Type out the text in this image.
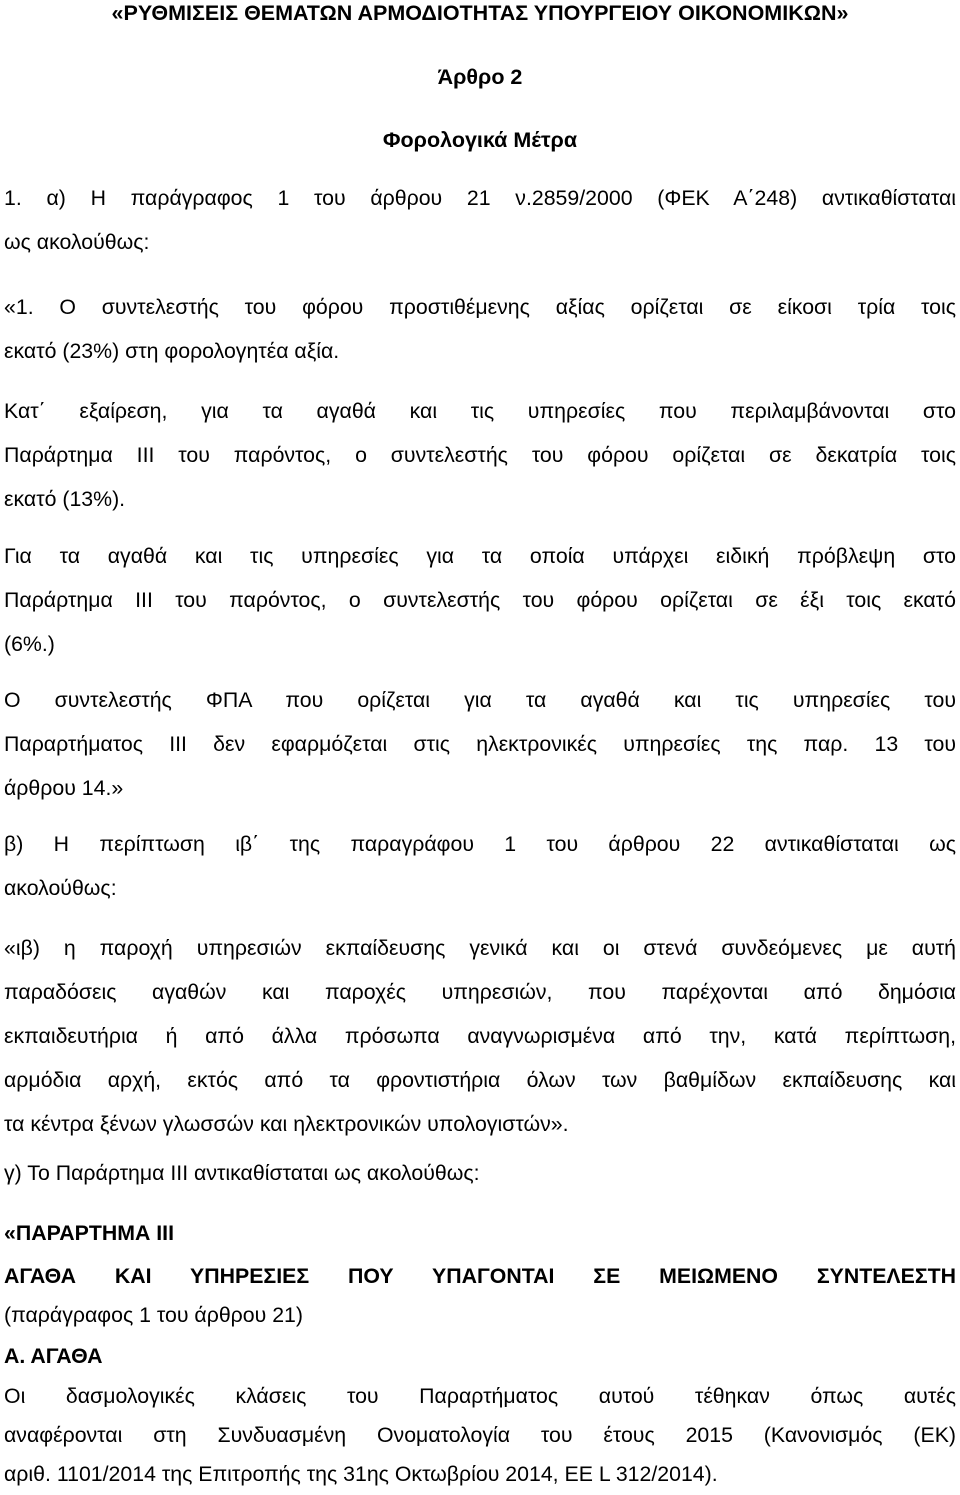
«ΡΥΘΜΙΣΕΙΣ ΘΕΜΑΤΩΝ ΑΡΜΟΔΙΟΤΗΤΑΣ ΥΠΟΥΡΓΕΙΟΥ ΟΙΚΟΝΟΜΙΚΩΝ»

Άρθρο 2

Φορολογικά Μέτρα

1. α) Η παράγραφος 1 του άρθρου 21 ν.2859/2000 (ΦΕΚ Α΄248) αντικαθίσταται
ως ακολούθως:
«1. Ο συντελεστής του φόρου προστιθέμενης αξίας ορίζεται σε είκοσι τρία τοις
εκατό (23%) στη φορολογητέα αξία.
Κατ΄ εξαίρεση, για τα αγαθά και τις υπηρεσίες που περιλαμβάνονται στο
Παράρτημα ΙΙΙ του παρόντος, ο συντελεστής του φόρου ορίζεται σε δεκατρία τοις
εκατό (13%).
Για τα αγαθά και τις υπηρεσίες για τα οποία υπάρχει ειδική πρόβλεψη στο
Παράρτημα ΙΙΙ του παρόντος, ο συντελεστής του φόρου ορίζεται σε έξι τοις εκατό
(6%.)
Ο συντελεστής ΦΠΑ που ορίζεται για τα αγαθά και τις υπηρεσίες του
Παραρτήματος ΙΙΙ δεν εφαρμόζεται στις ηλεκτρονικές υπηρεσίες της παρ. 13 του
άρθρου 14.»
β) Η περίπτωση ιβ΄ της παραγράφου 1 του άρθρου 22 αντικαθίσταται ως
ακολούθως:
«ιβ) η παροχή υπηρεσιών εκπαίδευσης γενικά και οι στενά συνδεόμενες με αυτή
παραδόσεις αγαθών και παροχές υπηρεσιών, που παρέχονται από δημόσια
εκπαιδευτήρια ή από άλλα πρόσωπα αναγνωρισμένα από την, κατά περίπτωση,
αρμόδια αρχή, εκτός από τα φροντιστήρια όλων των βαθμίδων εκπαίδευσης και
τα κέντρα ξένων γλωσσών και ηλεκτρονικών υπολογιστών».
γ) Το Παράρτημα ΙΙΙ αντικαθίσταται ως ακολούθως:
«ΠΑΡΑΡΤΗΜΑ ΙΙΙ
ΑΓΑΘΑ ΚΑΙ ΥΠΗΡΕΣΙΕΣ ΠΟΥ ΥΠΑΓΟΝΤΑΙ ΣΕ ΜΕΙΩΜΕΝΟ ΣΥΝΤΕΛΕΣΤΗ
(παράγραφος 1 του άρθρου 21)
Α. ΑΓΑΘΑ
Οι δασμολογικές κλάσεις του Παραρτήματος αυτού τέθηκαν όπως αυτές
αναφέρονται στη Συνδυασμένη Ονοματολογία του έτους 2015 (Κανονισμός (ΕΚ)
αριθ. 1101/2014 της Επιτροπής της 31ης Οκτωβρίου 2014, ΕΕ L 312/2014).
